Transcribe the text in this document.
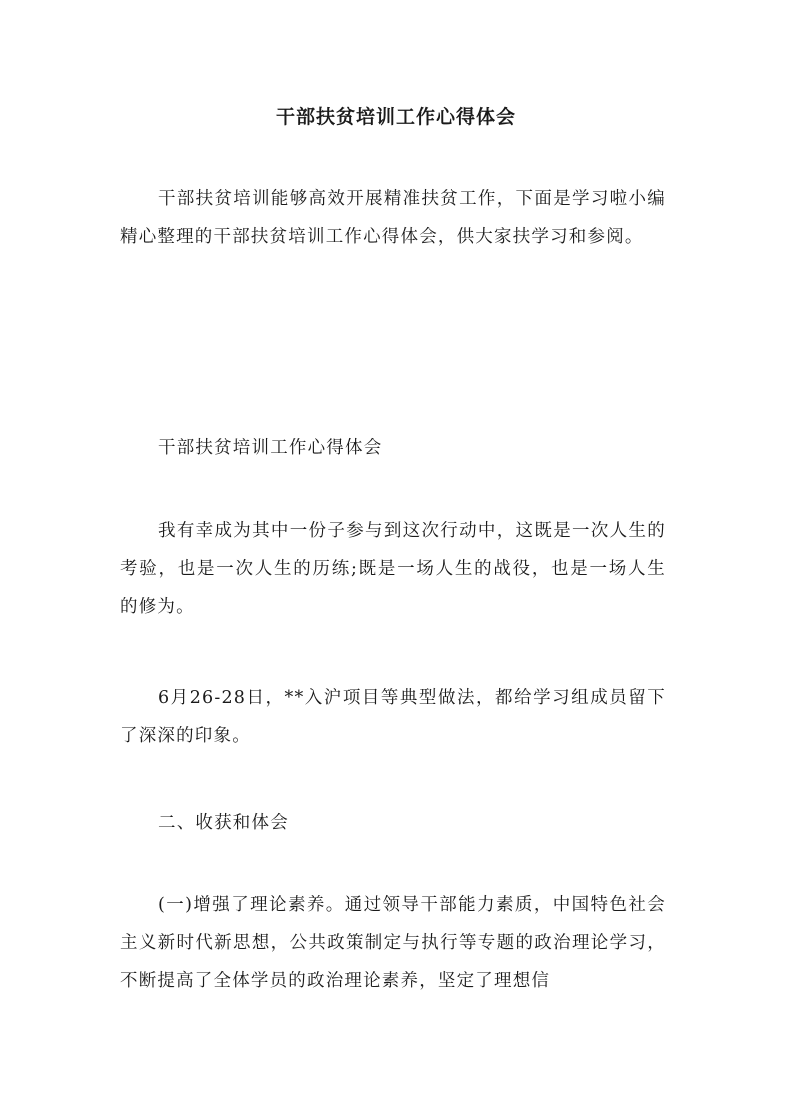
干部扶贫培训工作心得体会

干部扶贫培训能够高效开展精准扶贫工作，下面是学习啦小编精心整理的干部扶贫培训工作心得体会，供大家扶学习和参阅。

干部扶贫培训工作心得体会

我有幸成为其中一份子参与到这次行动中，这既是一次人生的考验，也是一次人生的历练;既是一场人生的战役，也是一场人生的修为。

6月26-28日，**入沪项目等典型做法，都给学习组成员留下了深深的印象。

二、收获和体会

(一)增强了理论素养。通过领导干部能力素质，中国特色社会主义新时代新思想，公共政策制定与执行等专题的政治理论学习，不断提高了全体学员的政治理论素养，坚定了理想信
